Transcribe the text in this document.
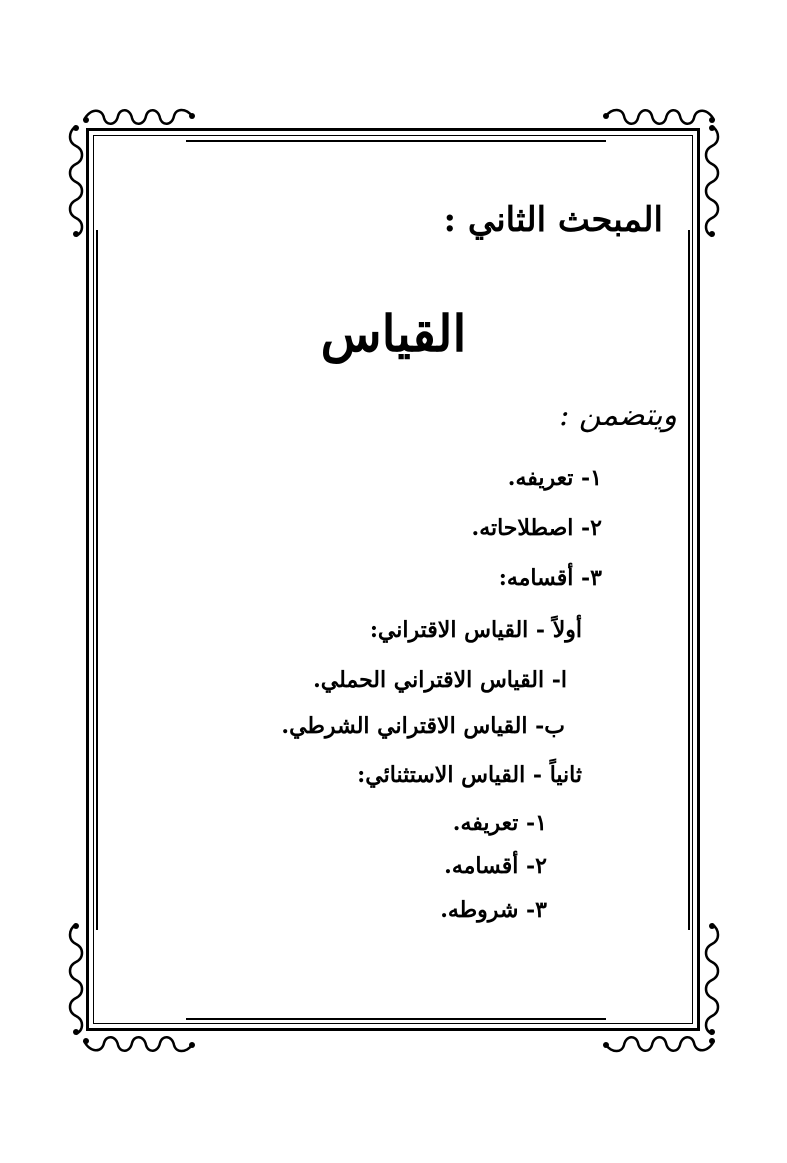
المبحث الثاني :
القياس
ويتضمن :
١- تعريفه.
٢- اصطلاحاته.
٣- أقسامه:
أولاً - القياس الاقتراني:
ا- القياس الاقتراني الحملي.
ب- القياس الاقتراني الشرطي.
ثانياً - القياس الاستثنائي:
١- تعريفه.
٢- أقسامه.
٣- شروطه.
